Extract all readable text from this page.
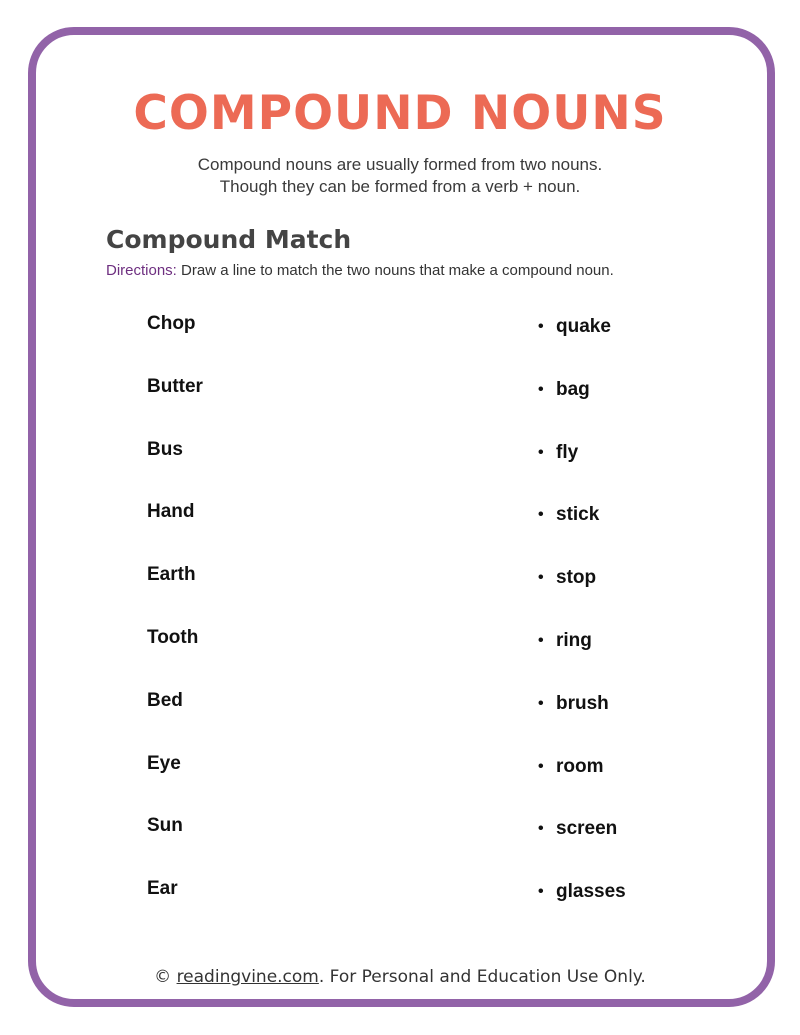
COMPOUND NOUNS
Compound nouns are usually formed from two nouns.
Though they can be formed from a verb + noun.
Compound Match
Directions: Draw a line to match the two nouns that make a compound noun.
Chop
Butter
Bus
Hand
Earth
Tooth
Bed
Eye
Sun
Ear
• quake
• bag
• fly
• stick
• stop
• ring
• brush
• room
• screen
• glasses
© readingvine.com. For Personal and Education Use Only.
